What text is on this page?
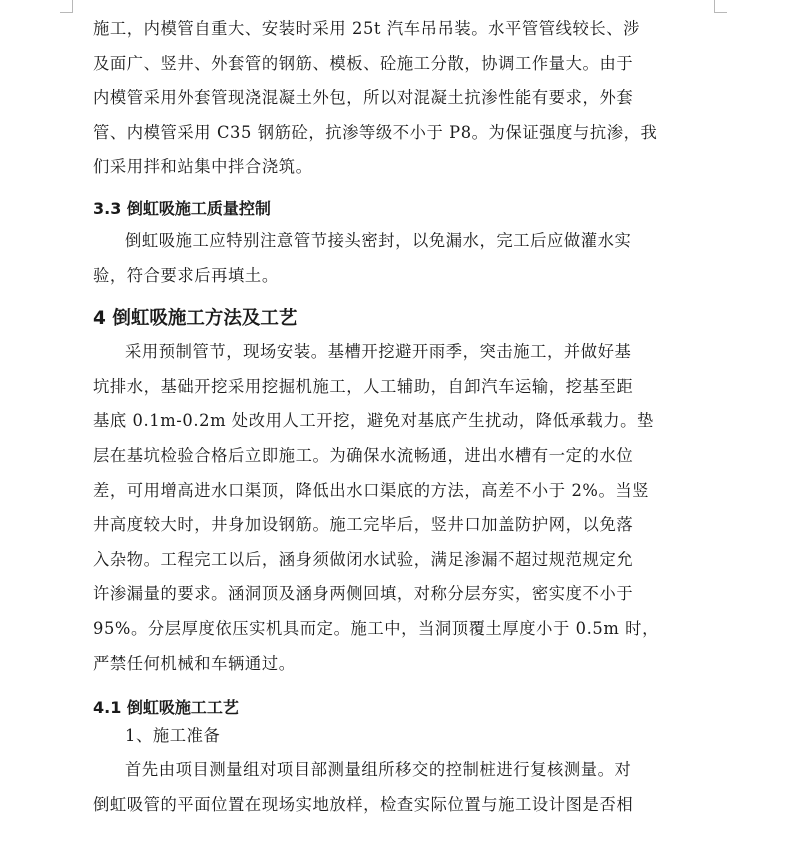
施工，内模管自重大、安装时采用 25t 汽车吊吊装。水平管管线较长、涉

及面广、竖井、外套管的钢筋、模板、砼施工分散，协调工作量大。由于

内模管采用外套管现浇混凝土外包，所以对混凝土抗渗性能有要求，外套

管、内模管采用 C35 钢筋砼，抗渗等级不小于 P8。为保证强度与抗渗，我

们采用拌和站集中拌合浇筑。

3.3 倒虹吸施工质量控制

倒虹吸施工应特别注意管节接头密封，以免漏水，完工后应做灌水实

验，符合要求后再填土。

4 倒虹吸施工方法及工艺

采用预制管节，现场安装。基槽开挖避开雨季，突击施工，并做好基

坑排水，基础开挖采用挖掘机施工，人工辅助，自卸汽车运输，挖基至距

基底 0.1m-0.2m 处改用人工开挖，避免对基底产生扰动，降低承载力。垫

层在基坑检验合格后立即施工。为确保水流畅通，进出水槽有一定的水位

差，可用增高进水口渠顶，降低出水口渠底的方法，高差不小于 2%。当竖

井高度较大时，井身加设钢筋。施工完毕后，竖井口加盖防护网，以免落

入杂物。工程完工以后，涵身须做闭水试验，满足渗漏不超过规范规定允

许渗漏量的要求。涵洞顶及涵身两侧回填，对称分层夯实，密实度不小于

95%。分层厚度依压实机具而定。施工中，当洞顶覆土厚度小于 0.5m 时，

严禁任何机械和车辆通过。

4.1 倒虹吸施工工艺

1、施工准备

首先由项目测量组对项目部测量组所移交的控制桩进行复核测量。对

倒虹吸管的平面位置在现场实地放样，检查实际位置与施工设计图是否相
